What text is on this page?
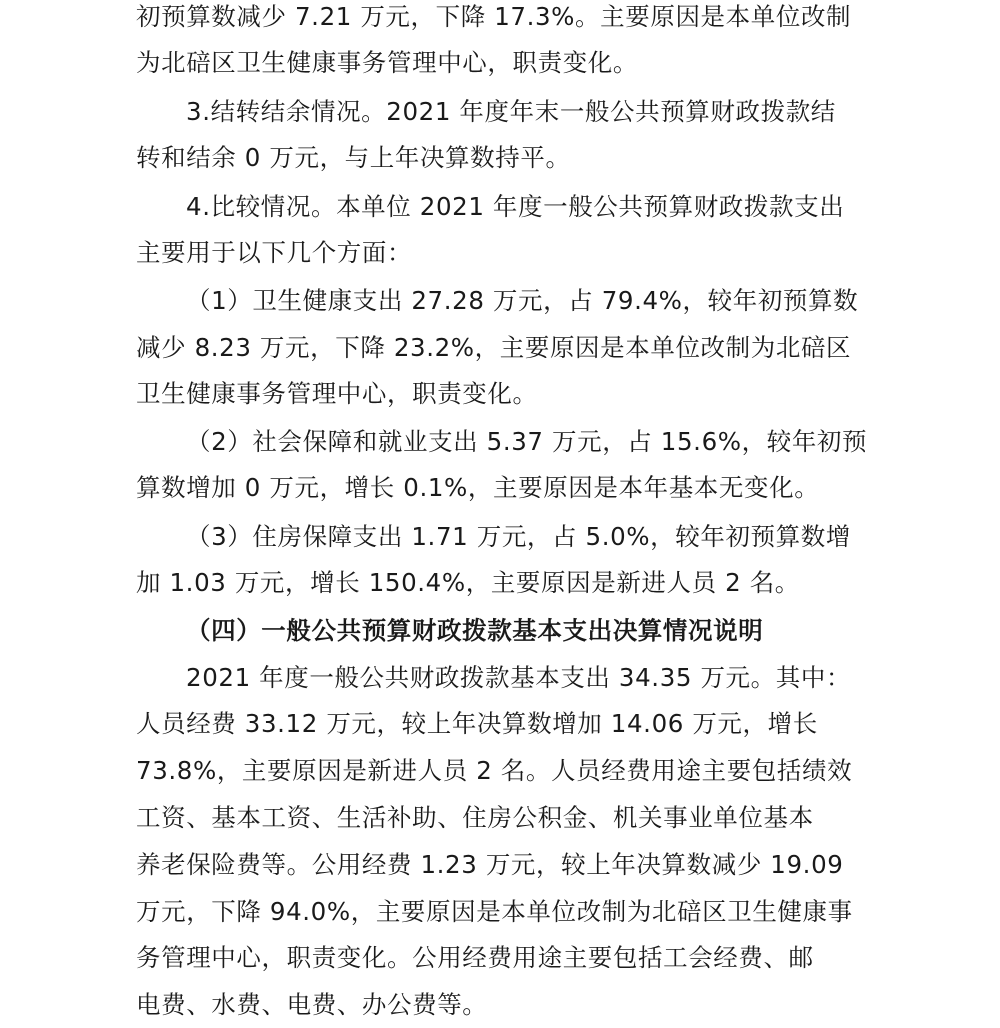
初预算数减少 7.21 万元，下降 17.3%。主要原因是本单位改制
为北碚区卫生健康事务管理中心，职责变化。
3.结转结余情况。2021 年度年末一般公共预算财政拨款结
转和结余 0 万元，与上年决算数持平。
4.比较情况。本单位 2021 年度一般公共预算财政拨款支出
主要用于以下几个方面：
（1）卫生健康支出 27.28 万元，占 79.4%，较年初预算数
减少 8.23 万元，下降 23.2%，主要原因是本单位改制为北碚区
卫生健康事务管理中心，职责变化。
（2）社会保障和就业支出 5.37 万元，占 15.6%，较年初预
算数增加 0 万元，增长 0.1%，主要原因是本年基本无变化。
（3）住房保障支出 1.71 万元，占 5.0%，较年初预算数增
加 1.03 万元，增长 150.4%，主要原因是新进人员 2 名。
（四）一般公共预算财政拨款基本支出决算情况说明
2021 年度一般公共财政拨款基本支出 34.35 万元。其中：
人员经费 33.12 万元，较上年决算数增加 14.06 万元，增长
73.8%，主要原因是新进人员 2 名。人员经费用途主要包括绩效
工资、基本工资、生活补助、住房公积金、机关事业单位基本
养老保险费等。公用经费 1.23 万元，较上年决算数减少 19.09
万元，下降 94.0%，主要原因是本单位改制为北碚区卫生健康事
务管理中心，职责变化。公用经费用途主要包括工会经费、邮
电费、水费、电费、办公费等。
